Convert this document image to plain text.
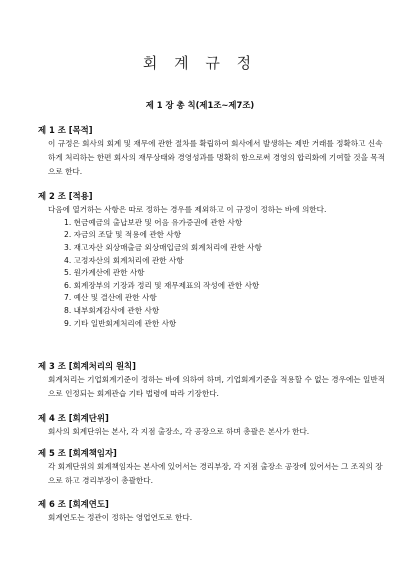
회 계 규 정
제 1 장 총 칙(제1조~제7조)
제 1 조 [목적]

이 규정은 회사의 회계 및 재무에 관한 절차를 확립하여 회사에서 발생하는 제반 거래를 정확하고 신속하게 처리하는 한편 회사의 재무상태와 경영성과를 명확히 함으로써 경영의 합리화에 기여할 것을 목적으로 한다.

제 2 조 [적용]

다음에 열거하는 사항은 따로 정하는 경우를 제외하고 이 규정이 정하는 바에 의한다.

1. 현금예금의 출납보관 및 어음 유가증권에 관한 사항
2. 자금의 조달 및 적용에 관한 사항
3. 재고자산 외상매출금 외상매입금의 회계처리에 관한 사항
4. 고정자산의 회계처리에 관한 사항
5. 원가계산에 관한 사항
6. 회계장부의 기장과 정리 및 재무제표의 작성에 관한 사항
7. 예산 및 결산에 관한 사항
8. 내부회계감사에 관한 사항
9. 기타 일반회계처리에 관한 사항
제 3 조 [회계처리의 원칙]

회계처리는 기업회계기준이 정하는 바에 의하여 하며, 기업회계기준을 적용할 수 없는 경우에는 일반적으로 인정되는 회계관습 기타 법령에 따라 기장한다.

제 4 조 [회계단위]

회사의 회계단위는 본사, 각 지점 출장소, 각 공장으로 하며 총괄은 본사가 한다.

제 5 조 [회계책임자]

각 회계단위의 회계책임자는 본사에 있어서는 경리부장, 각 지점 출장소 공장에 있어서는 그 조직의 장으로 하고 경리부장이 총괄한다.

제 6 조 [회계연도]

회계연도는 정관이 정하는 영업연도로 한다.
